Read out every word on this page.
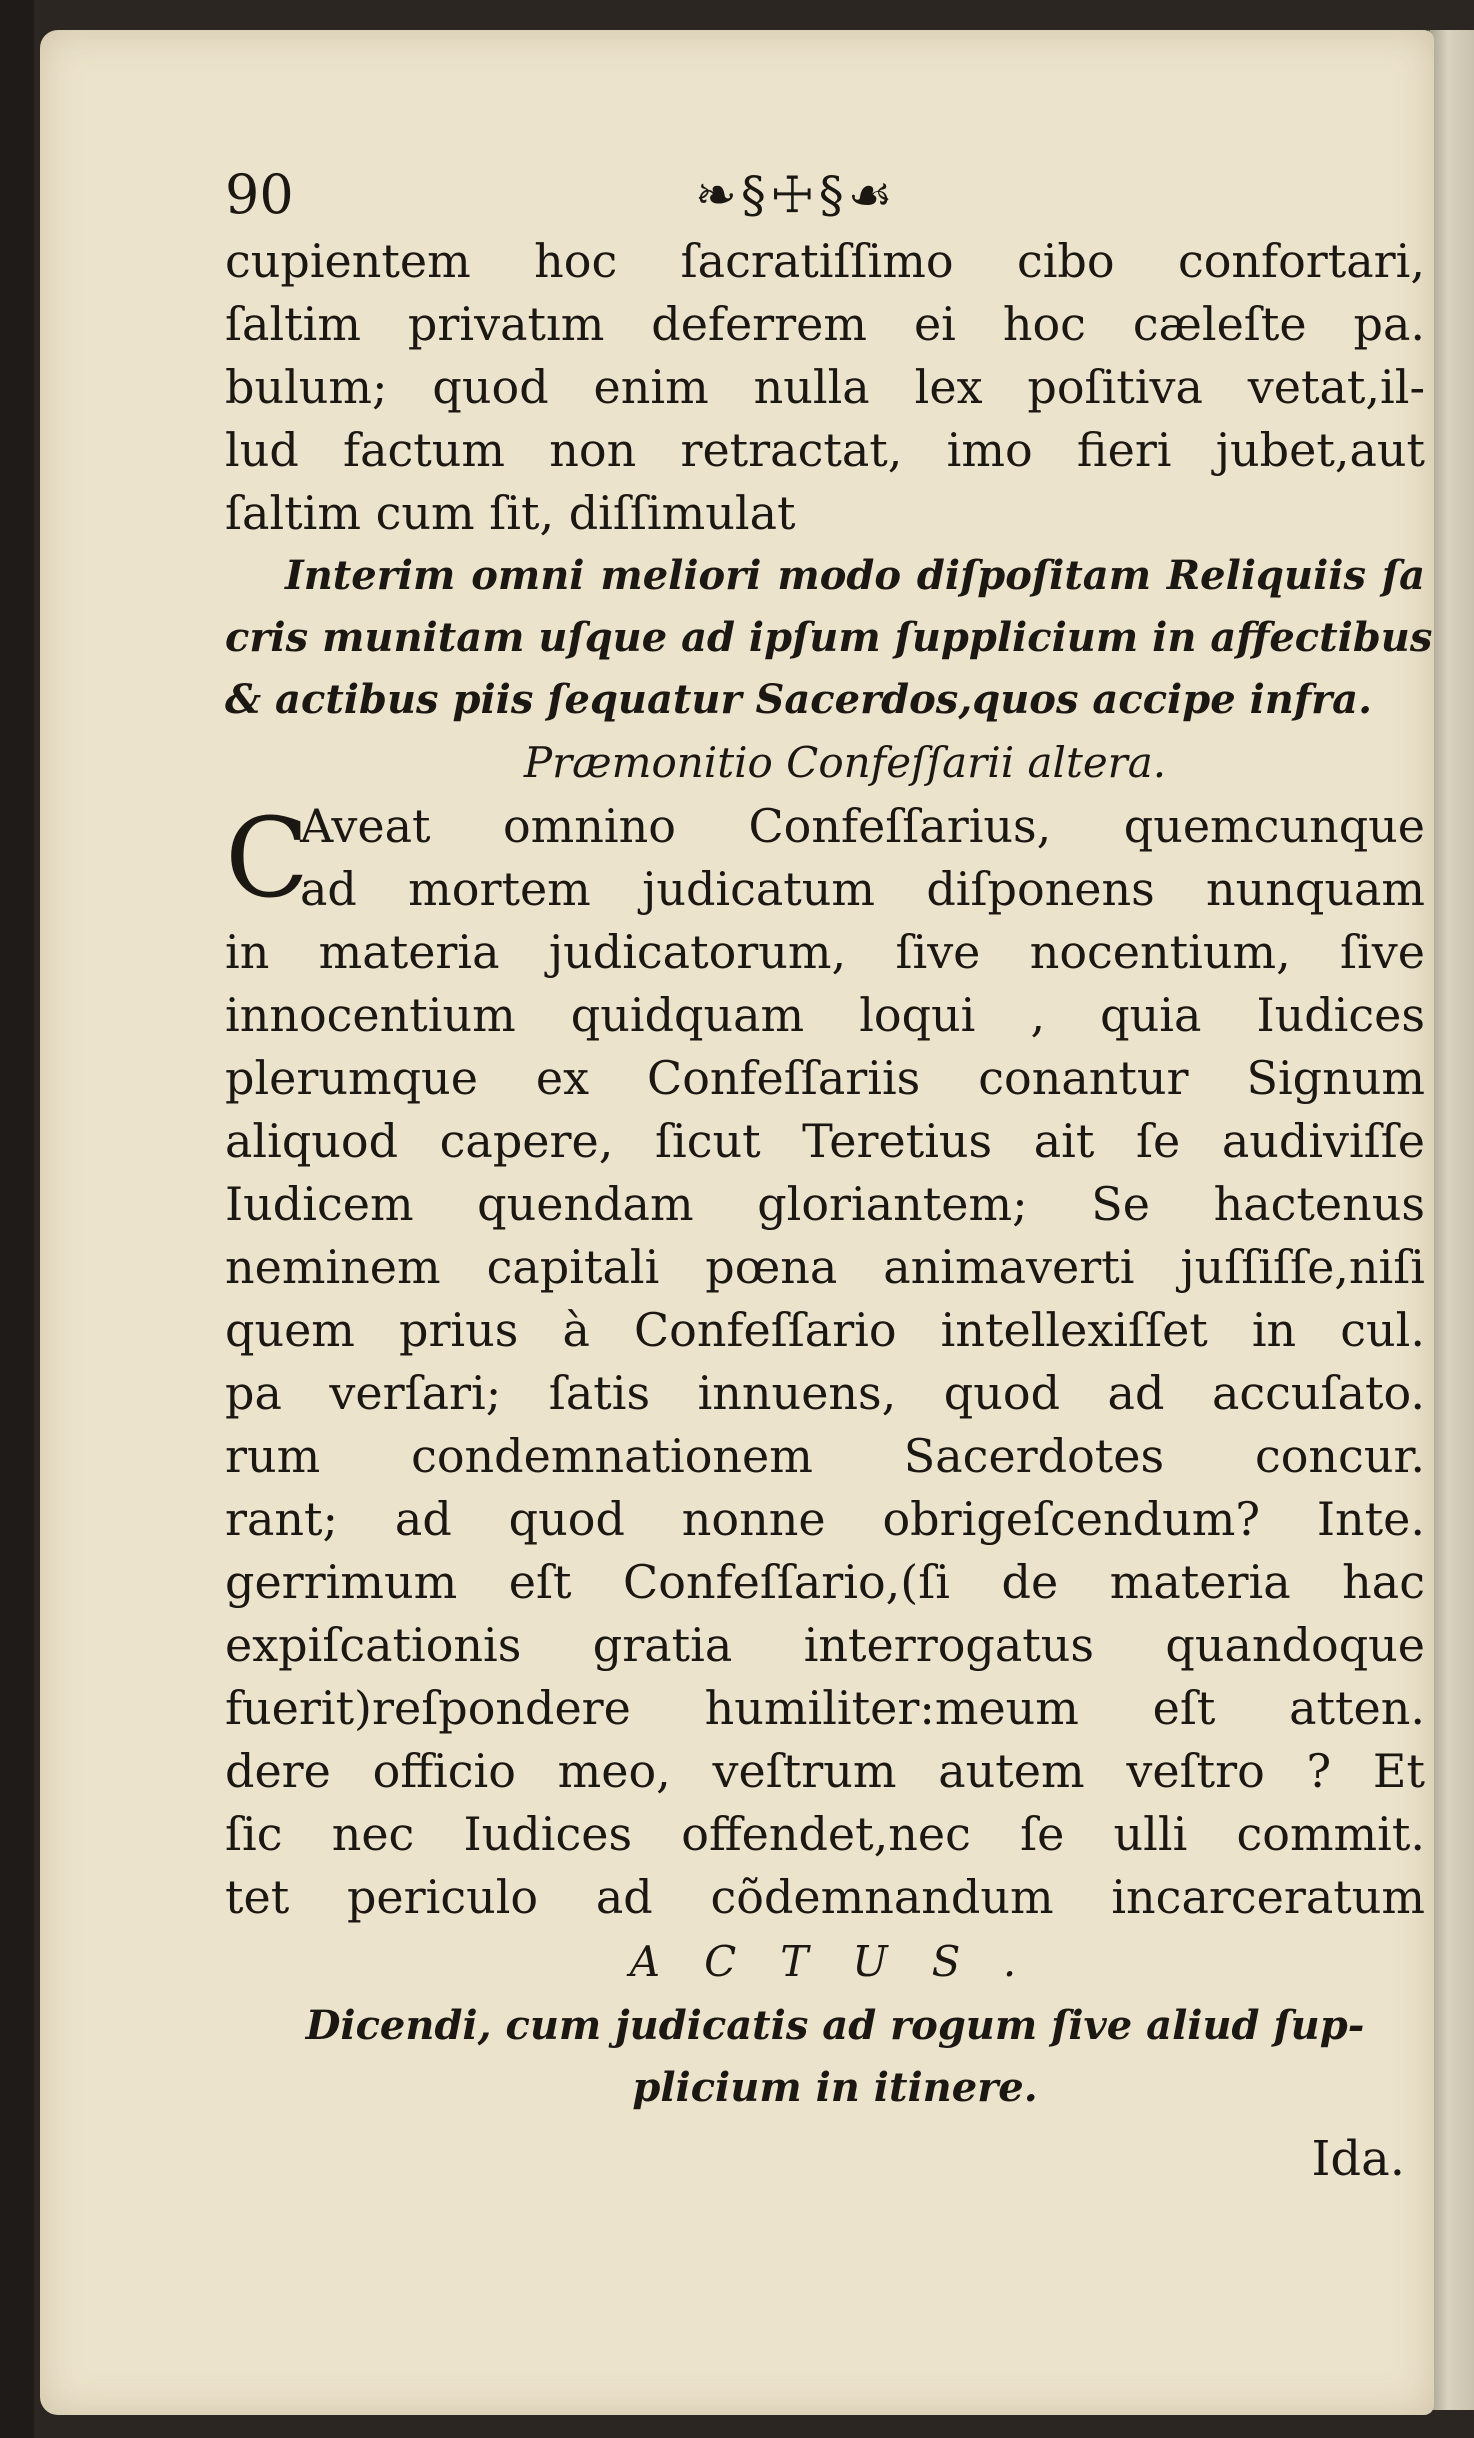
90	❧§☩§☙
cupientem hoc ſacratiſſimo cibo confortari,
ſaltim privatım deferrem ei hoc cæleſte pa.
bulum; quod enim nulla lex poſitiva vetat,il-
lud factum non retractat, imo fieri jubet,aut
ſaltim cum ſit, diſſimulat
Interim omni meliori modo diſpoſitam Reliquiis ſa
cris munitam uſque ad ipſum ſupplicium in affectibus
& actibus piis ſequatur Sacerdos,quos accipe infra.
Præmonitio Confeſſarii altera.
C
Aveat omnino Confeſſarius, quemcunque
ad mortem judicatum diſponens nunquam
in materia judicatorum, ſive nocentium, ſive
innocentium quidquam loqui , quia Iudices
plerumque ex Confeſſariis conantur Signum
aliquod capere, ſicut Teretius ait ſe audiviſſe
Iudicem quendam gloriantem; Se hactenus
neminem capitali pœna animaverti juſſiſſe,niſi
quem prius à Confeſſario intellexiſſet in cul.
pa verſari; ſatis innuens, quod ad accuſato.
rum condemnationem Sacerdotes concur.
rant; ad quod nonne obrigeſcendum? Inte.
gerrimum eſt Confeſſario,(ſi de materia hac
expiſcationis gratia interrogatus quandoque
fuerit)reſpondere humiliter:meum eſt atten.
dere officio meo, veſtrum autem veſtro ? Et
ſic nec Iudices offendet,nec ſe ulli commit.
tet periculo ad cõdemnandum incarceratum
ACTUS.
Dicendi, cum judicatis ad rogum ſive aliud ſup-
plicium in itinere.
Ida.
